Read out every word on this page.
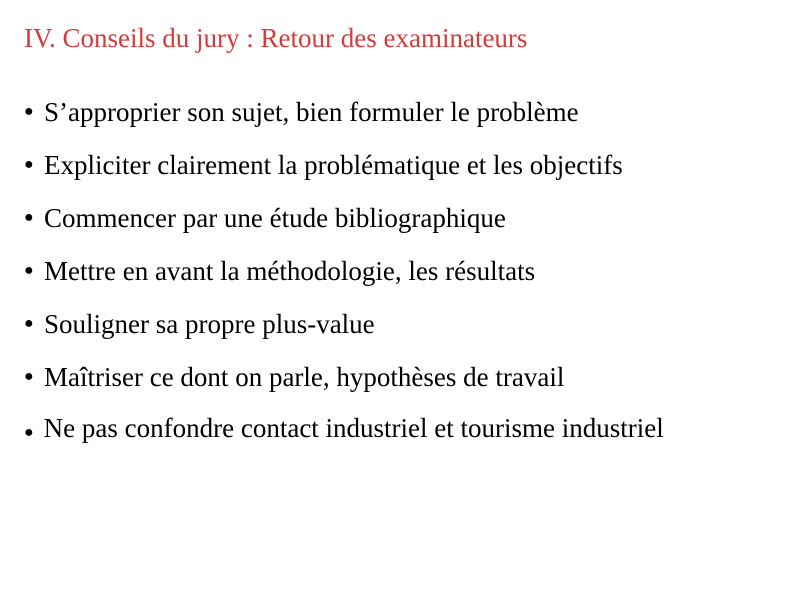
IV. Conseils du jury : Retour des examinateurs
● S’approprier son sujet, bien formuler le problème
● Expliciter clairement la problématique et les objectifs
● Commencer par une étude bibliographique
● Mettre en avant la méthodologie, les résultats
● Souligner sa propre plus-value
● Maîtriser ce dont on parle, hypothèses de travail
● Ne pas confondre contact industriel et tourisme industriel
